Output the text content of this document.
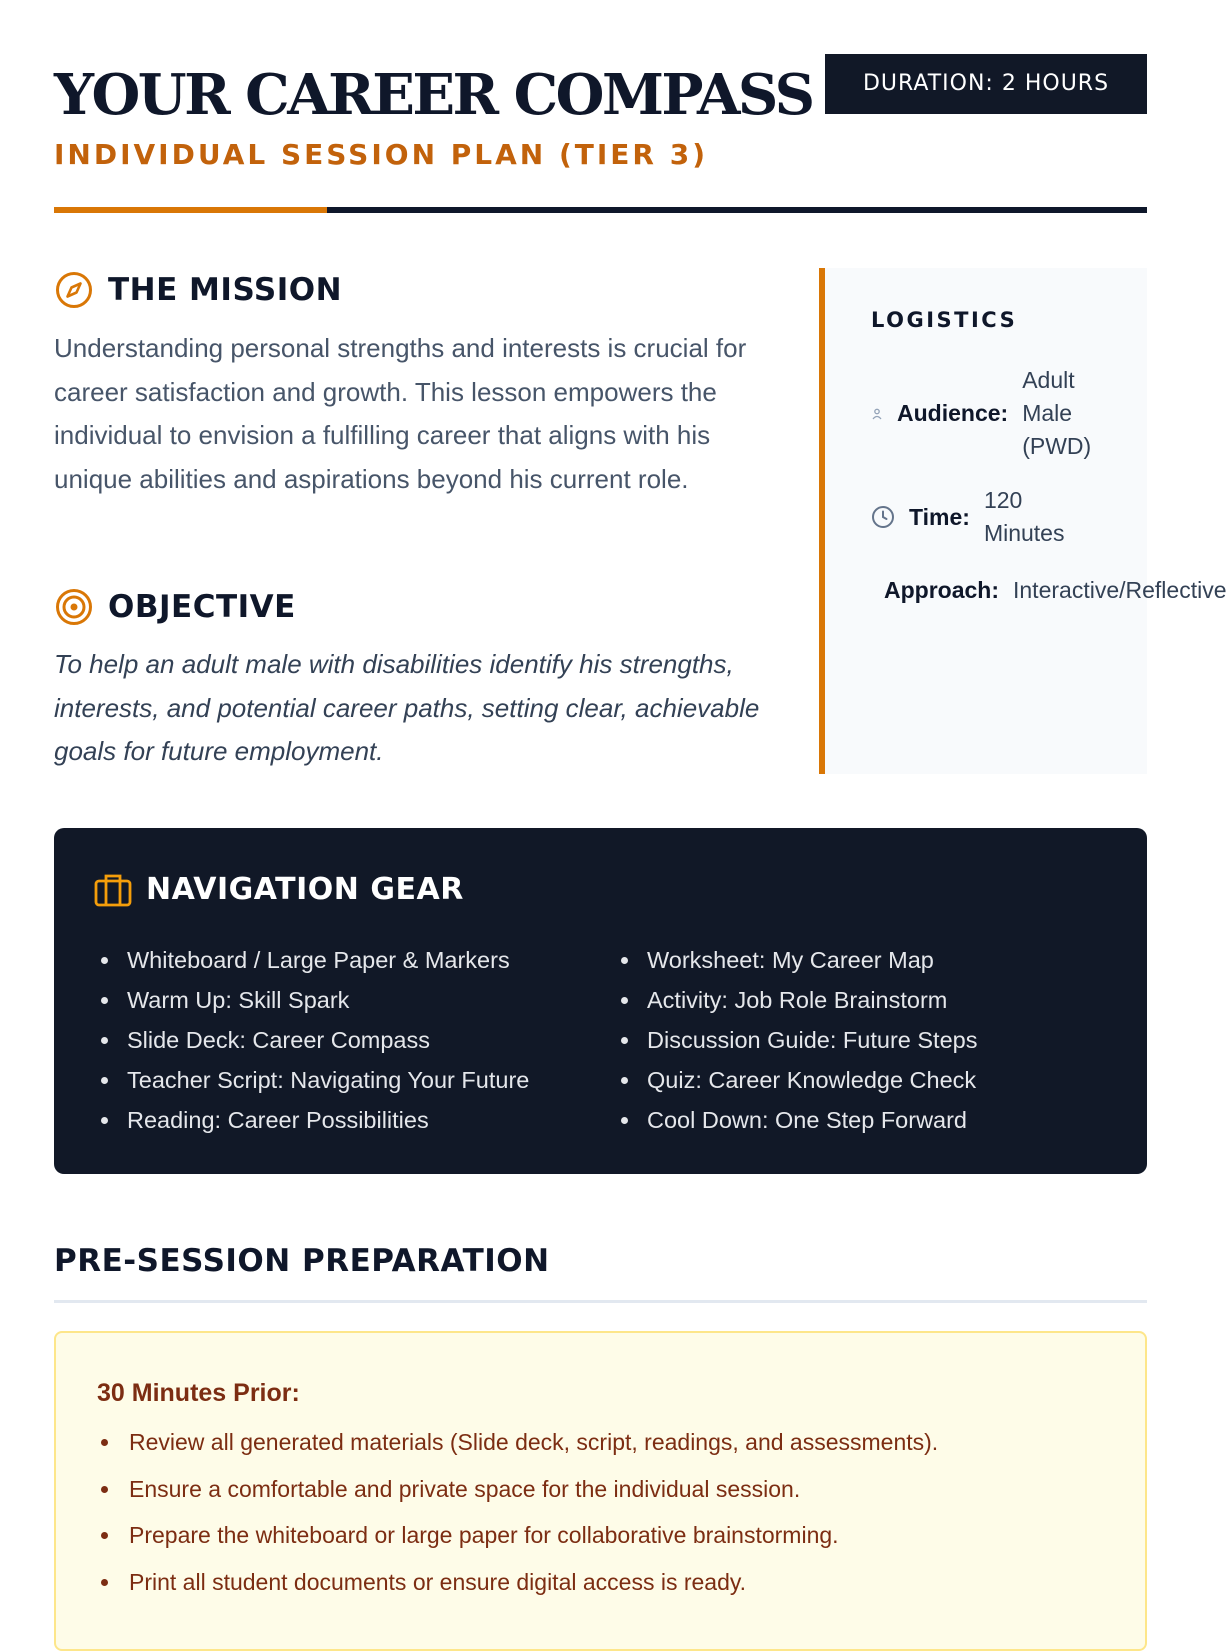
YOUR CAREER COMPASS
INDIVIDUAL SESSION PLAN (TIER 3)
DURATION: 2 HOURS
THE MISSION

Understanding personal strengths and interests is crucial for career satisfaction and growth. This lesson empowers the individual to envision a fulfilling career that aligns with his unique abilities and aspirations beyond his current role.

OBJECTIVE

To help an adult male with disabilities identify his strengths, interests, and potential career paths, setting clear, achievable goals for future employment.

LOGISTICS
Audience:
Adult Male (PWD)
Time:
120 Minutes
Approach: Interactive/Reflective
NAVIGATION GEAR
Whiteboard / Large Paper & Markers
Warm Up: Skill Spark
Slide Deck: Career Compass
Teacher Script: Navigating Your Future
Reading: Career Possibilities
Worksheet: My Career Map
Activity: Job Role Brainstorm
Discussion Guide: Future Steps
Quiz: Career Knowledge Check
Cool Down: One Step Forward
PRE-SESSION PREPARATION
30 Minutes Prior:
Review all generated materials (Slide deck, script, readings, and assessments).
Ensure a comfortable and private space for the individual session.
Prepare the whiteboard or large paper for collaborative brainstorming.
Print all student documents or ensure digital access is ready.
